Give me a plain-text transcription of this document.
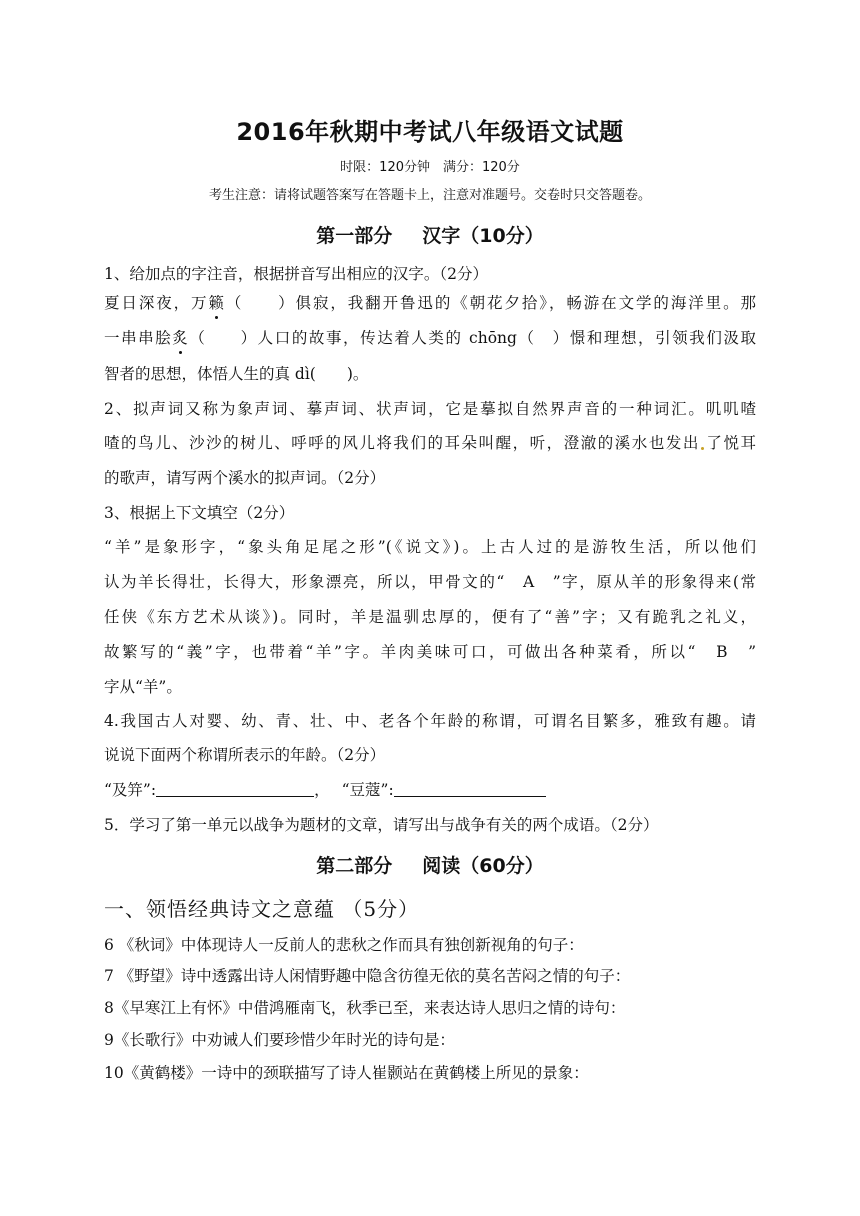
2016年秋期中考试八年级语文试题
时限：120分钟　满分：120分
考生注意：请将试题答案写在答题卡上，注意对准题号。交卷时只交答题卷。
第一部分 汉字（10分）
1、给加点的字注音，根据拼音写出相应的汉字。（2分）
夏日深夜，万籁（　　）俱寂，我翻开鲁迅的《朝花夕拾》，畅游在文学的海洋里。那
一串串脍炙（　　）人口的故事，传达着人类的 chōng（　）憬和理想，引领我们汲取
智者的思想，体悟人生的真 dì(　　)。
2、拟声词又称为象声词、摹声词、状声词，它是摹拟自然界声音的一种词汇。叽叽喳
喳的鸟儿、沙沙的树儿、呼呼的风儿将我们的耳朵叫醒，听，澄澈的溪水也发出 了悦耳
的歌声，请写两个溪水的拟声词。（2分）
3、根据上下文填空（2分）
“羊”是象形字，“象头角足尾之形”(《说文》)。上古人过的是游牧生活，所以他们
认为羊长得壮，长得大，形象漂亮，所以，甲骨文的“　A　”字，原从羊的形象得来(常
任侠《东方艺术从谈》)。同时，羊是温驯忠厚的，便有了“善”字；又有跪乳之礼义，
故繁写的“義”字，也带着“羊”字。羊肉美味可口，可做出各种菜肴，所以“　B　”
字从“羊”。
4.我国古人对婴、幼、青、壮、中、老各个年龄的称谓，可谓名目繁多，雅致有趣。请
说说下面两个称谓所表示的年龄。（2分）
“及笄”:	， “豆蔻”:
5．学习了第一单元以战争为题材的文章，请写出与战争有关的两个成语。（2分）
第二部分 阅读（60分）
一、领悟经典诗文之意蕴 （5分）
6 《秋词》中体现诗人一反前人的悲秋之作而具有独创新视角的句子：
7 《野望》诗中透露出诗人闲情野趣中隐含彷徨无依的莫名苦闷之情的句子：
8《早寒江上有怀》中借鸿雁南飞，秋季已至，来表达诗人思归之情的诗句：
9《长歌行》中劝诫人们要珍惜少年时光的诗句是：
10《黄鹤楼》一诗中的颈联描写了诗人崔颢站在黄鹤楼上所见的景象：
